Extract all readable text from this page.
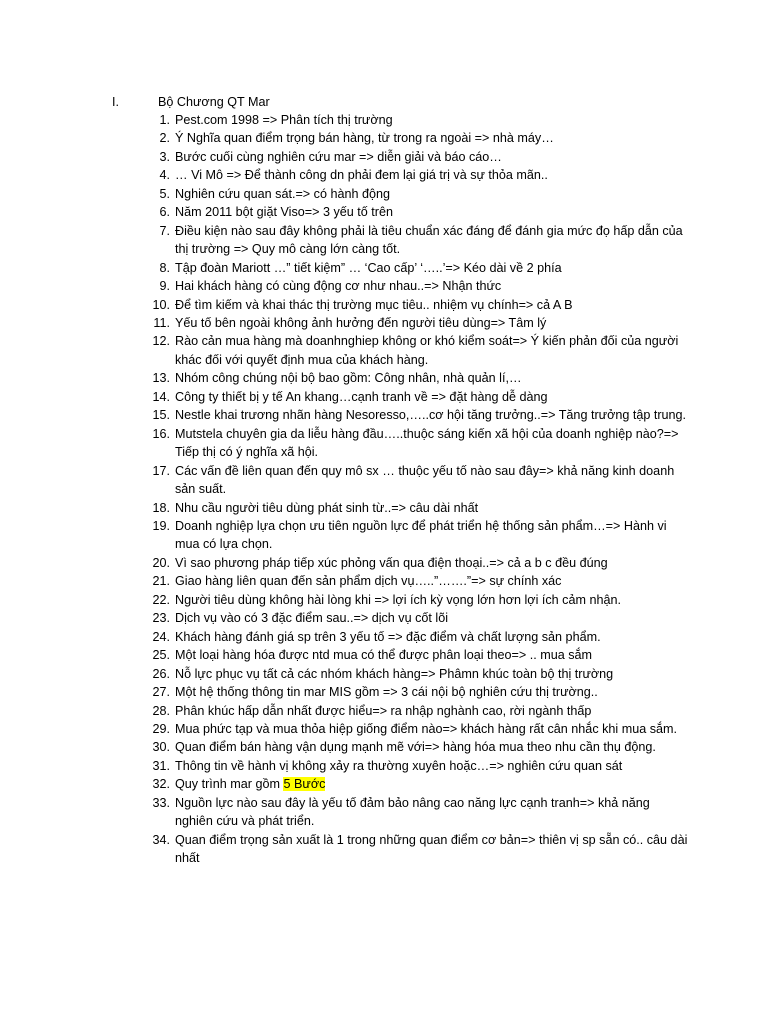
I.	Bộ Chương QT Mar
1. Pest.com 1998 => Phân tích thị trường
2. Ý Nghĩa quan điểm trọng bán hàng, từ trong ra ngoài => nhà máy…
3. Bước cuối cùng nghiên cứu mar => diễn giải và báo cáo…
4. … Vi Mô => Để thành công dn phải đem lại giá trị và sự thỏa mãn..
5. Nghiên cứu quan sát.=> có hành động
6. Năm 2011 bột giặt Viso=> 3 yếu tố trên
7. Điều kiện nào sau đây không phải là tiêu chuẩn xác đáng để đánh gia mức đọ hấp dẫn của thị trường => Quy mô càng lớn càng tốt.
8. Tập đoàn Mariott …” tiết kiệm” … ‘Cao cấp’ ‘…..’=> Kéo dài về 2 phía
9. Hai khách hàng có cùng động cơ như nhau..=> Nhận thức
10. Để tìm kiếm và khai thác thị trường mục tiêu.. nhiệm vụ chính=> cả A B
11. Yếu tố bên ngoài không ảnh hưởng đến người tiêu dùng=> Tâm lý
12. Rào cản mua hàng mà doanhnghiep không or khó kiểm soát=> Ý kiến phản đối của người khác đối với quyết định mua của khách hàng.
13. Nhóm công chúng nội bộ bao gồm: Công nhân, nhà quản lí,…
14. Công ty thiết bị y tế An khang…cạnh tranh về => đặt hàng dễ dàng
15. Nestle khai trương nhãn hàng Nesoresso,…..cơ hội tăng trưởng..=> Tăng trưởng tập trung.
16. Mutstela chuyên gia da liễu hàng đầu…..thuộc sáng kiến xã hội của doanh nghiệp nào?=> Tiếp thị có ý nghĩa xã hội.
17. Các vấn đề liên quan đến quy mô sx … thuộc yếu tố nào sau đây=> khả năng kinh doanh sản suất.
18. Nhu cầu người tiêu dùng phát sinh từ..=> câu dài nhất
19. Doanh nghiệp lựa chọn ưu tiên nguồn lực để phát triển hệ thống sản phẩm…=> Hành vi mua có lựa chọn.
20. Vì sao phương pháp tiếp xúc phỏng vấn qua điện thoại..=> cả a b c đều đúng
21. Giao hàng liên quan đến sản phẩm dịch vụ…..”…….”=> sự chính xác
22. Người tiêu dùng không hài lòng khi => lợi ích kỳ vọng lớn hơn lợi ích cảm nhận.
23. Dịch vụ vào có 3 đặc điểm sau..=> dịch vụ cốt lõi
24. Khách hàng đánh giá sp trên 3 yếu tố => đặc điểm và chất lượng sản phẩm.
25. Một loại hàng hóa được ntd mua có thể được phân loại theo=> .. mua sắm
26. Nỗ lực phục vụ tất cả các nhóm khách hàng=> Phâmn khúc toàn bộ thị trường
27. Một hệ thống thông tin mar MIS gồm => 3 cái nội bộ nghiên cứu thị trường..
28. Phân khúc hấp dẫn nhất được hiểu=> ra nhập nghành cao, rời ngành thấp
29. Mua phức tạp và mua thỏa hiệp giống điểm nào=> khách hàng rất cân nhắc khi mua sắm.
30. Quan điểm bán hàng vận dụng mạnh mẽ với=> hàng hóa mua theo nhu cần thụ động.
31. Thông tin về hành vị không xảy ra thường xuyên hoặc…=> nghiên cứu quan sát
32. Quy trình mar gồm 5 Bước
33. Nguồn lực nào sau đây là yếu tố đảm bảo nâng cao năng lực cạnh tranh=> khả năng nghiên cứu và phát triển.
34. Quan điểm trọng sản xuất là 1 trong những quan điểm cơ bản=> thiên vị sp sẵn có.. câu dài nhất
